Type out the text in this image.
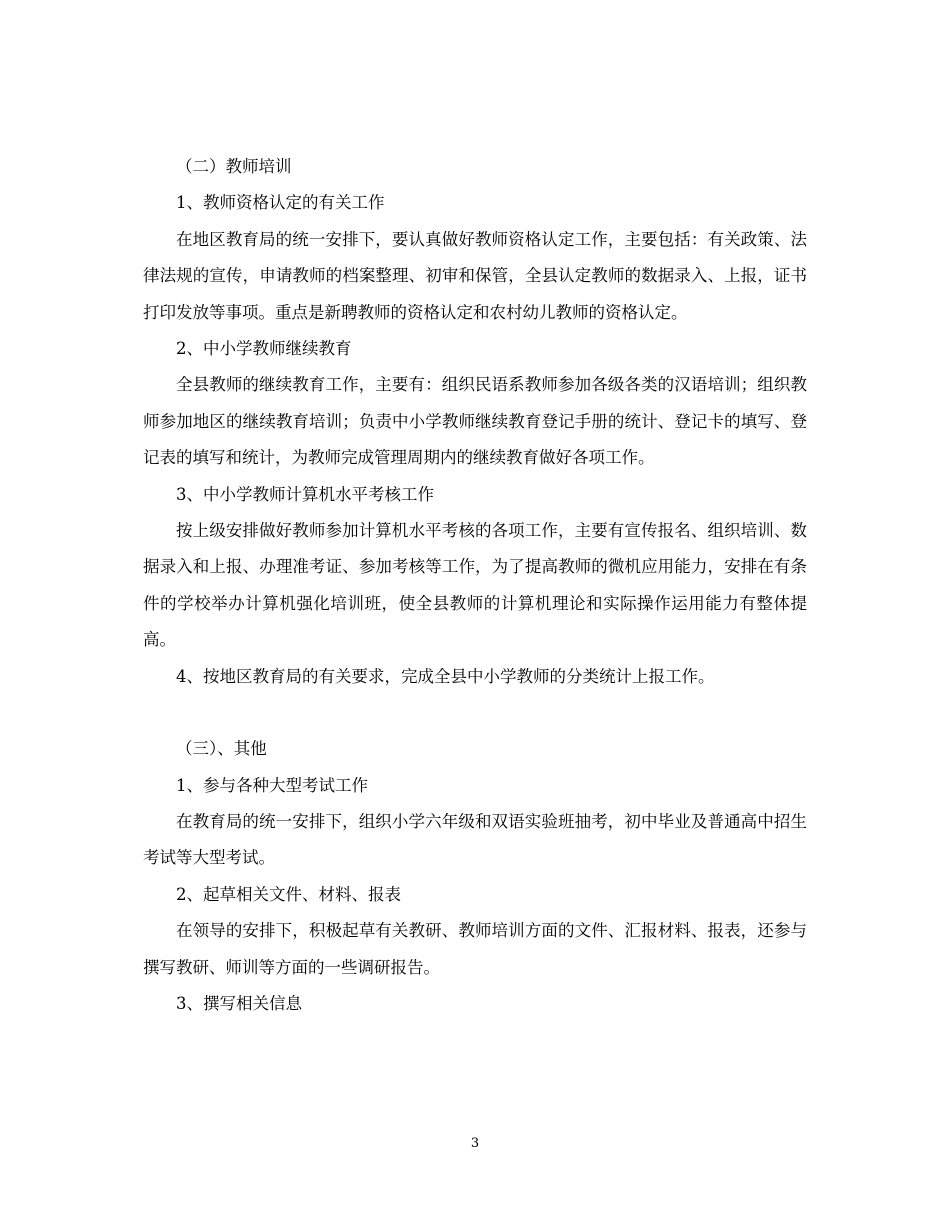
（二）教师培训

1、教师资格认定的有关工作

在地区教育局的统一安排下，要认真做好教师资格认定工作，主要包括：有关政策、法律法规的宣传，申请教师的档案整理、初审和保管，全县认定教师的数据录入、上报，证书打印发放等事项。重点是新聘教师的资格认定和农村幼儿教师的资格认定。

2、中小学教师继续教育

全县教师的继续教育工作，主要有：组织民语系教师参加各级各类的汉语培训；组织教师参加地区的继续教育培训；负责中小学教师继续教育登记手册的统计、登记卡的填写、登记表的填写和统计，为教师完成管理周期内的继续教育做好各项工作。

3、中小学教师计算机水平考核工作

按上级安排做好教师参加计算机水平考核的各项工作，主要有宣传报名、组织培训、数据录入和上报、办理准考证、参加考核等工作，为了提高教师的微机应用能力，安排在有条件的学校举办计算机强化培训班，使全县教师的计算机理论和实际操作运用能力有整体提高。

4、按地区教育局的有关要求，完成全县中小学教师的分类统计上报工作。

（三）、其他

1、参与各种大型考试工作

在教育局的统一安排下，组织小学六年级和双语实验班抽考，初中毕业及普通高中招生考试等大型考试。

2、起草相关文件、材料、报表

在领导的安排下，积极起草有关教研、教师培训方面的文件、汇报材料、报表，还参与撰写教研、师训等方面的一些调研报告。

3、撰写相关信息

3
